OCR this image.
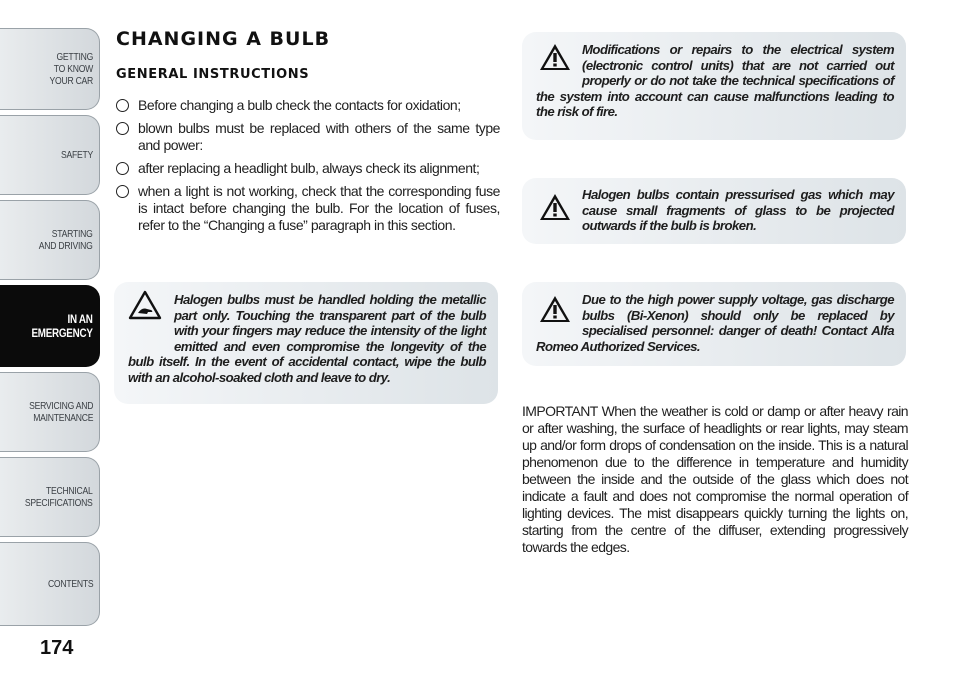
GETTING
TO KNOW
YOUR CAR
SAFETY
STARTING
AND DRIVING
IN AN
EMERGENCY
SERVICING AND
MAINTENANCE
TECHNICAL
SPECIFICATIONS
CONTENTS
174
CHANGING A BULB
GENERAL INSTRUCTIONS
Before changing a bulb check the contacts for oxidation;
blown bulbs must be replaced with others of the same type and power:
after replacing a headlight bulb, always check its alignment;
when a light is not working, check that the corresponding fuse is intact before changing the bulb. For the location of fuses, refer to the “Changing a fuse” paragraph in this section.
Halogen bulbs must be handled holding the metallic part only. Touching the transparent part of the bulb with your fingers may reduce the intensity of the light emitted and even compromise the longevity of the bulb itself. In the event of accidental contact, wipe the bulb with an alcohol-soaked cloth and leave to dry.
Modifications or repairs to the electrical system (electronic control units) that are not carried out properly or do not take the technical specifications of the system into account can cause malfunctions leading to the risk of fire.
Halogen bulbs contain pressurised gas which may cause small fragments of glass to be projected outwards if the bulb is broken.
Due to the high power supply voltage, gas discharge bulbs (Bi-Xenon) should only be replaced by specialised personnel: danger of death! Contact Alfa Romeo Authorized Services.

IMPORTANT When the weather is cold or damp or after heavy rain or after washing, the surface of headlights or rear lights, may steam up and/or form drops of condensation on the inside. This is a natural phenomenon due to the difference in temperature and humidity between the inside and the outside of the glass which does not indicate a fault and does not compromise the normal operation of lighting devices. The mist disappears quickly turning the lights on, starting from the centre of the diffuser, extending progressively towards the edges.
